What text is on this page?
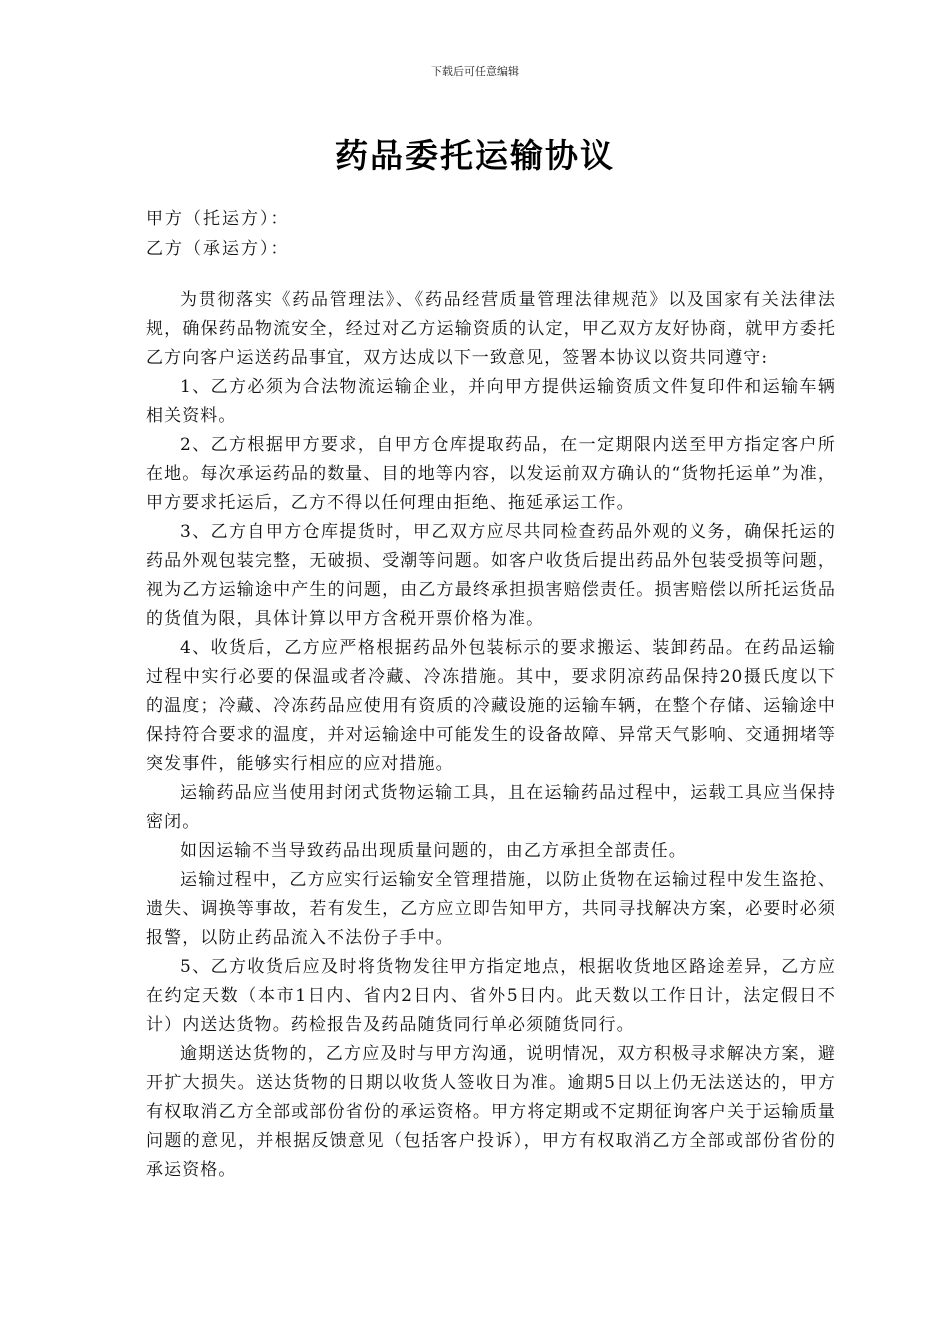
下载后可任意编辑
药品委托运输协议

甲方（托运方）：

乙方（承运方）：

为贯彻落实《药品管理法》、《药品经营质量管理法律规范》以及国家有关法律法规，确保药品物流安全，经过对乙方运输资质的认定，甲乙双方友好协商，就甲方委托乙方向客户运送药品事宜，双方达成以下一致意见，签署本协议以资共同遵守:

1、乙方必须为合法物流运输企业，并向甲方提供运输资质文件复印件和运输车辆相关资料。

2、乙方根据甲方要求，自甲方仓库提取药品，在一定期限内送至甲方指定客户所在地。每次承运药品的数量、目的地等内容，以发运前双方确认的“货物托运单”为准，甲方要求托运后，乙方不得以任何理由拒绝、拖延承运工作。

3、乙方自甲方仓库提货时，甲乙双方应尽共同检查药品外观的义务，确保托运的药品外观包装完整，无破损、受潮等问题。如客户收货后提出药品外包装受损等问题，视为乙方运输途中产生的问题，由乙方最终承担损害赔偿责任。损害赔偿以所托运货品的货值为限，具体计算以甲方含税开票价格为准。

4、收货后，乙方应严格根据药品外包装标示的要求搬运、装卸药品。在药品运输过程中实行必要的保温或者冷藏、冷冻措施。其中，要求阴凉药品保持20摄氏度以下的温度；冷藏、冷冻药品应使用有资质的冷藏设施的运输车辆，在整个存储、运输途中保持符合要求的温度，并对运输途中可能发生的设备故障、异常天气影响、交通拥堵等突发事件，能够实行相应的应对措施。

运输药品应当使用封闭式货物运输工具，且在运输药品过程中，运载工具应当保持密闭。

如因运输不当导致药品出现质量问题的，由乙方承担全部责任。

运输过程中，乙方应实行运输安全管理措施，以防止货物在运输过程中发生盗抢、遗失、调换等事故，若有发生，乙方应立即告知甲方，共同寻找解决方案，必要时必须报警，以防止药品流入不法份子手中。

5、乙方收货后应及时将货物发往甲方指定地点，根据收货地区路途差异，乙方应在约定天数（本市1日内、省内2日内、省外5日内。此天数以工作日计，法定假日不计）内送达货物。药检报告及药品随货同行单必须随货同行。

逾期送达货物的，乙方应及时与甲方沟通，说明情况，双方积极寻求解决方案，避开扩大损失。送达货物的日期以收货人签收日为准。逾期5日以上仍无法送达的，甲方有权取消乙方全部或部份省份的承运资格。甲方将定期或不定期征询客户关于运输质量问题的意见，并根据反馈意见（包括客户投诉），甲方有权取消乙方全部或部份省份的承运资格。
